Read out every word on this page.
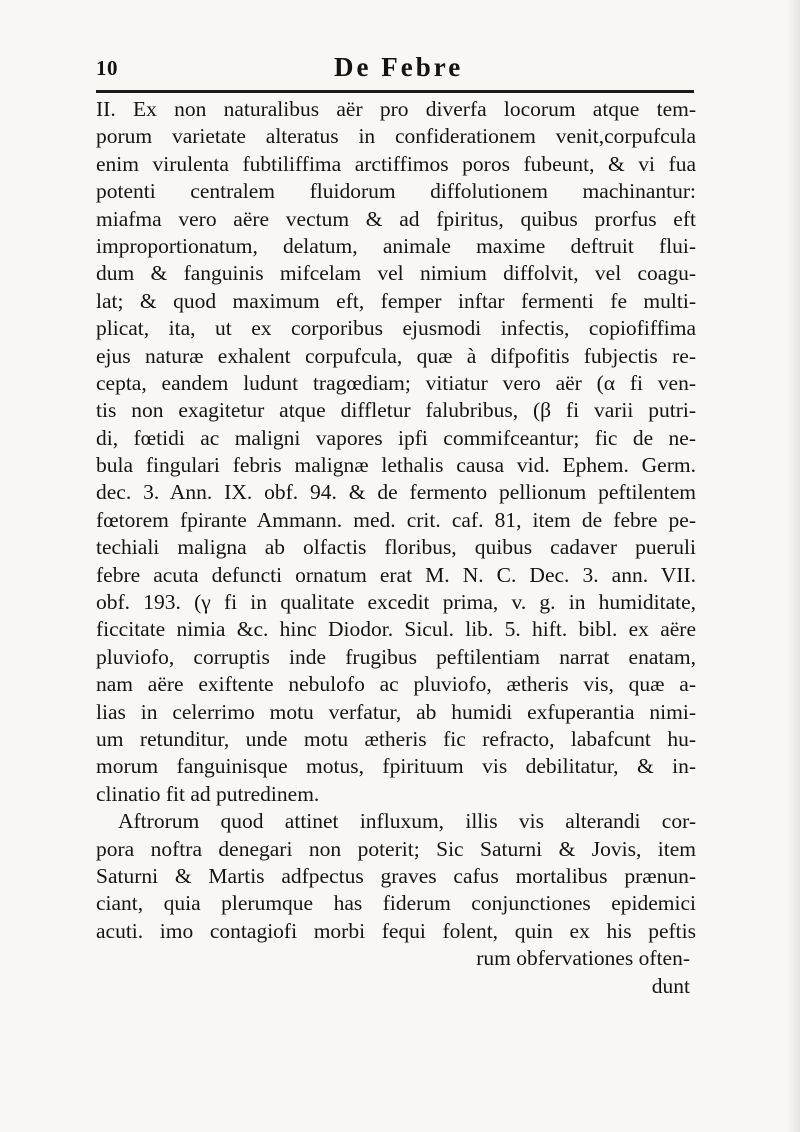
10	De Febre
II. Ex non naturalibus aër pro diverfa locorum atque tem-
porum varietate alteratus in confiderationem venit,corpufcula
enim virulenta fubtiliffima arctiffimos poros fubeunt, & vi fua
potenti centralem fluidorum diffolutionem machinantur:
miafma vero aëre vectum & ad fpiritus, quibus prorfus eft
improportionatum, delatum, animale maxime deftruit flui-
dum & fanguinis mifcelam vel nimium diffolvit, vel coagu-
lat; & quod maximum eft, femper inftar fermenti fe multi-
plicat, ita, ut ex corporibus ejusmodi infectis, copiofiffima
ejus naturæ exhalent corpufcula, quæ à difpofitis fubjectis re-
cepta, eandem ludunt tragœdiam; vitiatur vero aër (α fi ven-
tis non exagitetur atque diffletur falubribus, (β fi varii putri-
di, fœtidi ac maligni vapores ipfi commifceantur; fic de ne-
bula fingulari febris malignæ lethalis causa vid. Ephem. Germ.
dec. 3. Ann. IX. obf. 94. & de fermento pellionum peftilentem
fœtorem fpirante Ammann. med. crit. caf. 81, item de febre pe-
techiali maligna ab olfactis floribus, quibus cadaver pueruli
febre acuta defuncti ornatum erat M. N. C. Dec. 3. ann. VII.
obf. 193. (γ fi in qualitate excedit prima, v. g. in humiditate,
ficcitate nimia &c. hinc Diodor. Sicul. lib. 5. hift. bibl. ex aëre
pluviofo, corruptis inde frugibus peftilentiam narrat enatam,
nam aëre exiftente nebulofo ac pluviofo, ætheris vis, quæ a-
lias in celerrimo motu verfatur, ab humidi exfuperantia nimi-
um retunditur, unde motu ætheris fic refracto, labafcunt hu-
morum fanguinisque motus, fpirituum vis debilitatur, & in-
clinatio fit ad putredinem.
Aftrorum quod attinet influxum, illis vis alterandi cor-
pora noftra denegari non poterit; Sic Saturni & Jovis, item
Saturni & Martis adfpectus graves cafus mortalibus prænun-
ciant, quia plerumque has fiderum conjunctiones epidemici
acuti. imo contagiofi morbi fequi folent, quin ex his peftis
rum obfervationes often-
dunt
